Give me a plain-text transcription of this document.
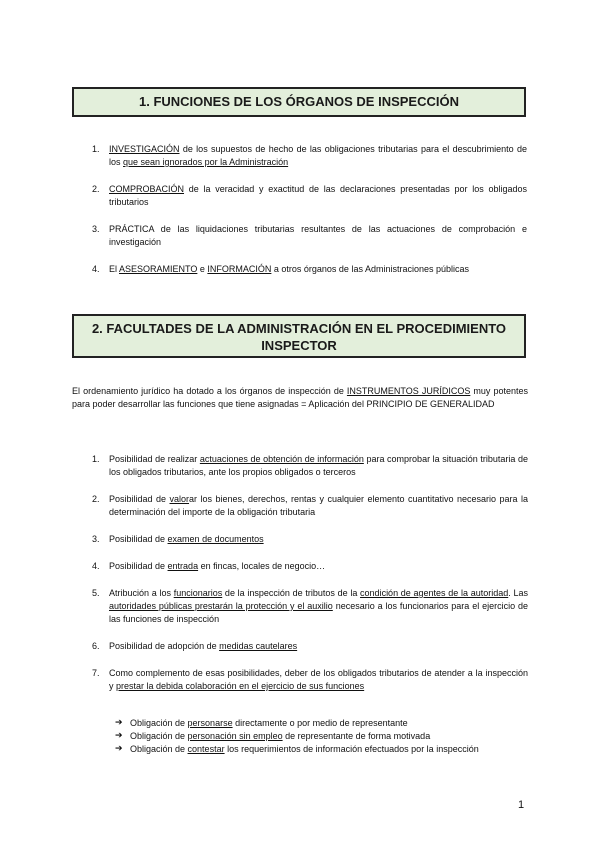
1. FUNCIONES DE LOS ÓRGANOS DE INSPECCIÓN
1. INVESTIGACIÓN de los supuestos de hecho de las obligaciones tributarias para el descubrimiento de los que sean ignorados por la Administración
2. COMPROBACIÓN de la veracidad y exactitud de las declaraciones presentadas por los obligados tributarios
3. PRÁCTICA de las liquidaciones tributarias resultantes de las actuaciones de comprobación e investigación
4. El ASESORAMIENTO e INFORMACIÓN a otros órganos de las Administraciones públicas
2. FACULTADES DE LA ADMINISTRACIÓN EN EL PROCEDIMIENTO
INSPECTOR
El ordenamiento jurídico ha dotado a los órganos de inspección de INSTRUMENTOS JURÍDICOS muy potentes para poder desarrollar las funciones que tiene asignadas = Aplicación del PRINCIPIO DE GENERALIDAD
1. Posibilidad de realizar actuaciones de obtención de información para comprobar la situación tributaria de los obligados tributarios, ante los propios obligados o terceros
2. Posibilidad de valorar los bienes, derechos, rentas y cualquier elemento cuantitativo necesario para la determinación del importe de la obligación tributaria
3. Posibilidad de examen de documentos
4. Posibilidad de entrada en fincas, locales de negocio…
5. Atribución a los funcionarios de la inspección de tributos de la condición de agentes de la autoridad. Las autoridades públicas prestarán la protección y el auxilio necesario a los funcionarios para el ejercicio de las funciones de inspección
6. Posibilidad de adopción de medidas cautelares
7. Como complemento de esas posibilidades, deber de los obligados tributarios de atender a la inspección y prestar la debida colaboración en el ejercicio de sus funciones
➔ Obligación de personarse directamente o por medio de representante
➔ Obligación de personación sin empleo de representante de forma motivada
➔ Obligación de contestar los requerimientos de información efectuados por la inspección
1
